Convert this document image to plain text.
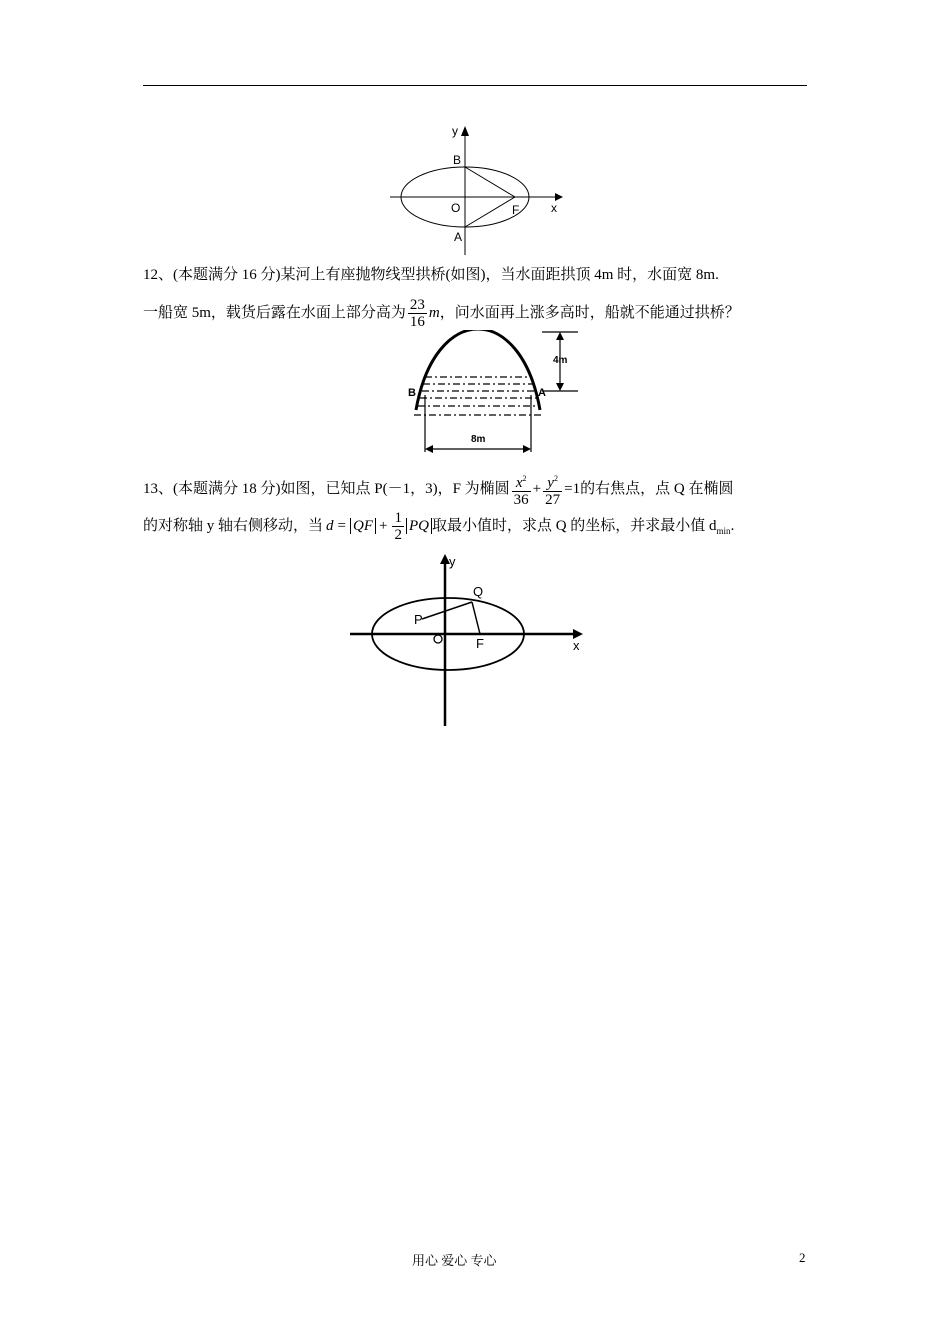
y
x
B
O	F
A
12、(本题满分 16 分)某河上有座抛物线型拱桥(如图)，当水面距拱顶 4m 时，水面宽 8m.
一船宽 5m，载货后露在水面上部分高为 $\frac{23}{16}$ m，问水面再上涨多高时，船就不能通过拱桥？
8m
4m
B	A
13、(本题满分 18 分)如图，已知点 P(－1，3)，F 为椭圆 $\frac{x^2}{36} + \frac{y^2}{27} =1$的右焦点，点 Q 在椭圆
的对称轴 y 轴右侧移动，当 d = QF + $\frac{1}{2}$ PQ 取最小值时，求点 Q 的坐标，并求最小值 $d_{min}$.
y
x
Q
P
F
用心 爱心 专心	2
